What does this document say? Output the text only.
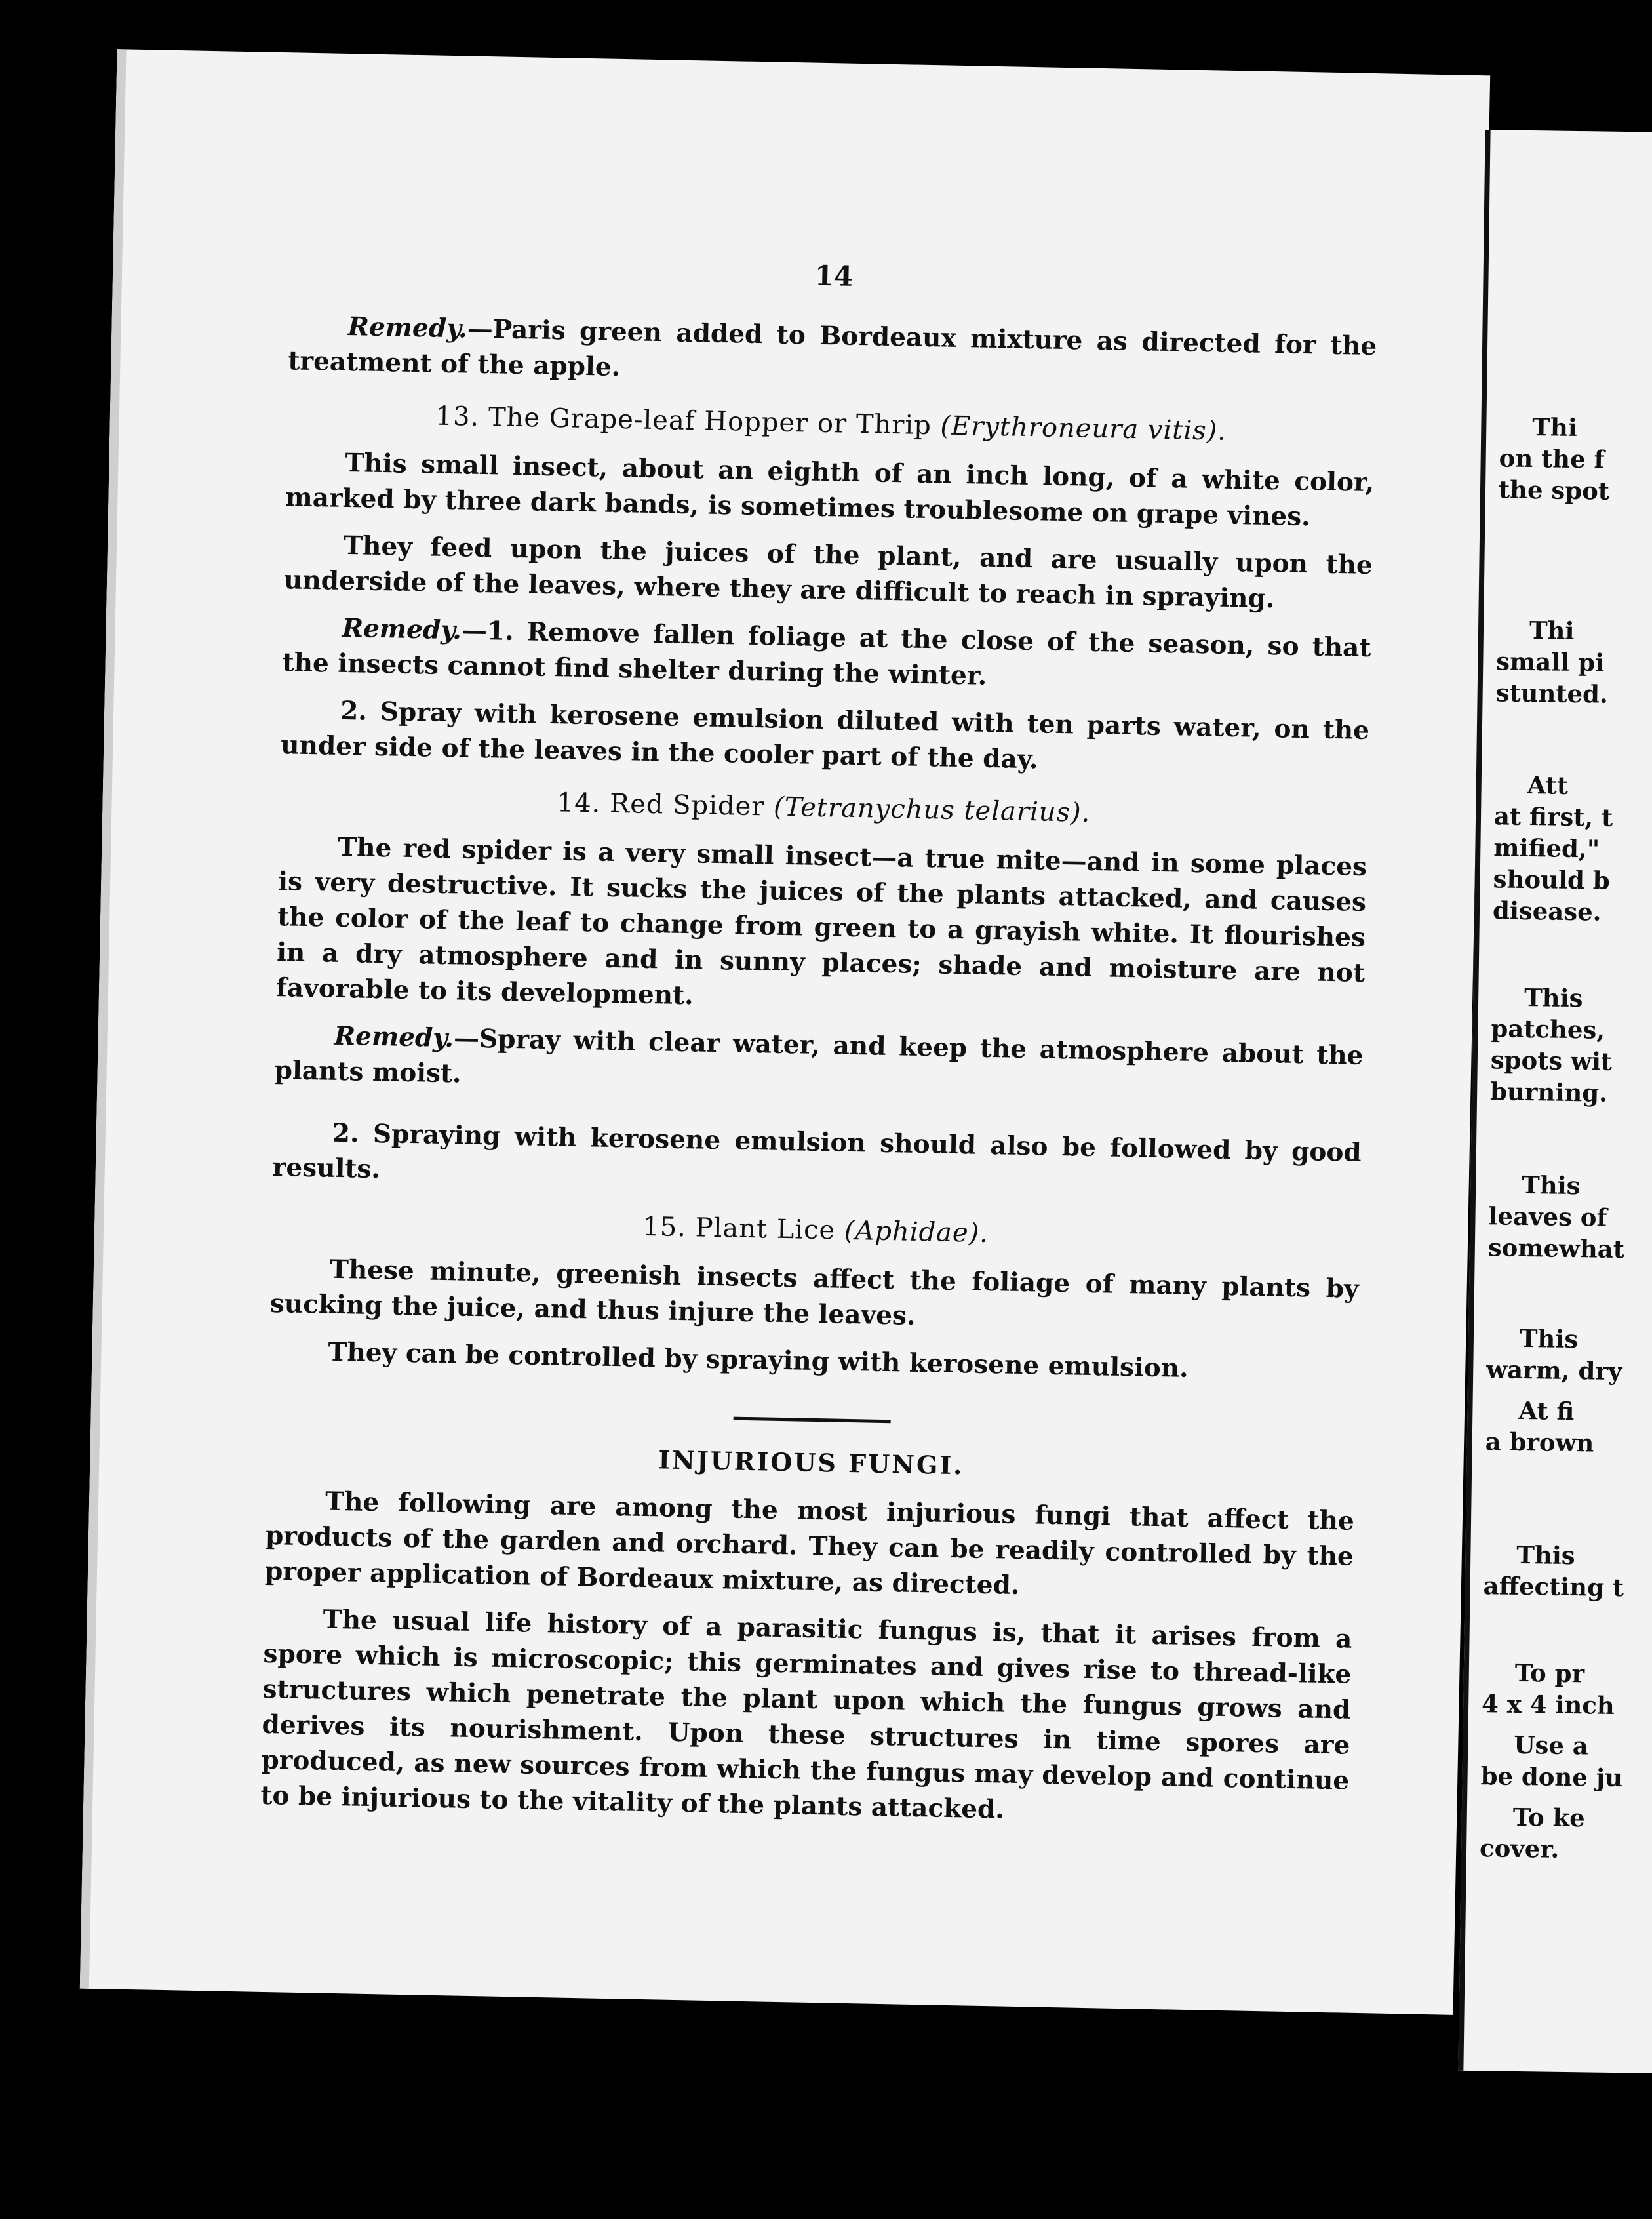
14

Remedy.—Paris green added to Bordeaux mixture as directed for the treatment of the apple.

13. The Grape-leaf Hopper or Thrip (Erythroneura vitis).

This small insect, about an eighth of an inch long, of a white color, marked by three dark bands, is sometimes troublesome on grape vines.

They feed upon the juices of the plant, and are usually upon the underside of the leaves, where they are difficult to reach in spraying.

Remedy.—1. Remove fallen foliage at the close of the season, so that the insects cannot find shelter during the winter.

2. Spray with kerosene emulsion diluted with ten parts water, on the under side of the leaves in the cooler part of the day.

14. Red Spider (Tetranychus telarius).

The red spider is a very small insect—a true mite—and in some places is very destructive. It sucks the juices of the plants attacked, and causes the color of the leaf to change from green to a grayish white. It flourishes in a dry atmosphere and in sunny places; shade and moisture are not favorable to its development.

Remedy.—Spray with clear water, and keep the atmosphere about the plants moist.

2. Spraying with kerosene emulsion should also be followed by good results.

15. Plant Lice (Aphidae).

These minute, greenish insects affect the foliage of many plants by sucking the juice, and thus injure the leaves.

They can be controlled by spraying with kerosene emulsion.

INJURIOUS FUNGI.

The following are among the most injurious fungi that affect the products of the garden and orchard. They can be readily controlled by the proper application of Bordeaux mixture, as directed.

The usual life history of a parasitic fungus is, that it arises from a spore which is microscopic; this germinates and gives rise to thread-like structures which penetrate the plant upon which the fungus grows and derives its nourishment. Upon these structures in time spores are produced, as new sources from which the fungus may develop and continue to be injurious to the vitality of the plants attacked.

Thi
on the f
the spot
Thi
small pi
stunted.
Att
at first, t
mified,"
should b
disease.
This
patches,
spots wit
burning.
This
leaves of
somewhat
This
warm, dry
At fi
a brown
This
affecting t
To pr
4 x 4 inch
Use a
be done ju
To ke
cover.
